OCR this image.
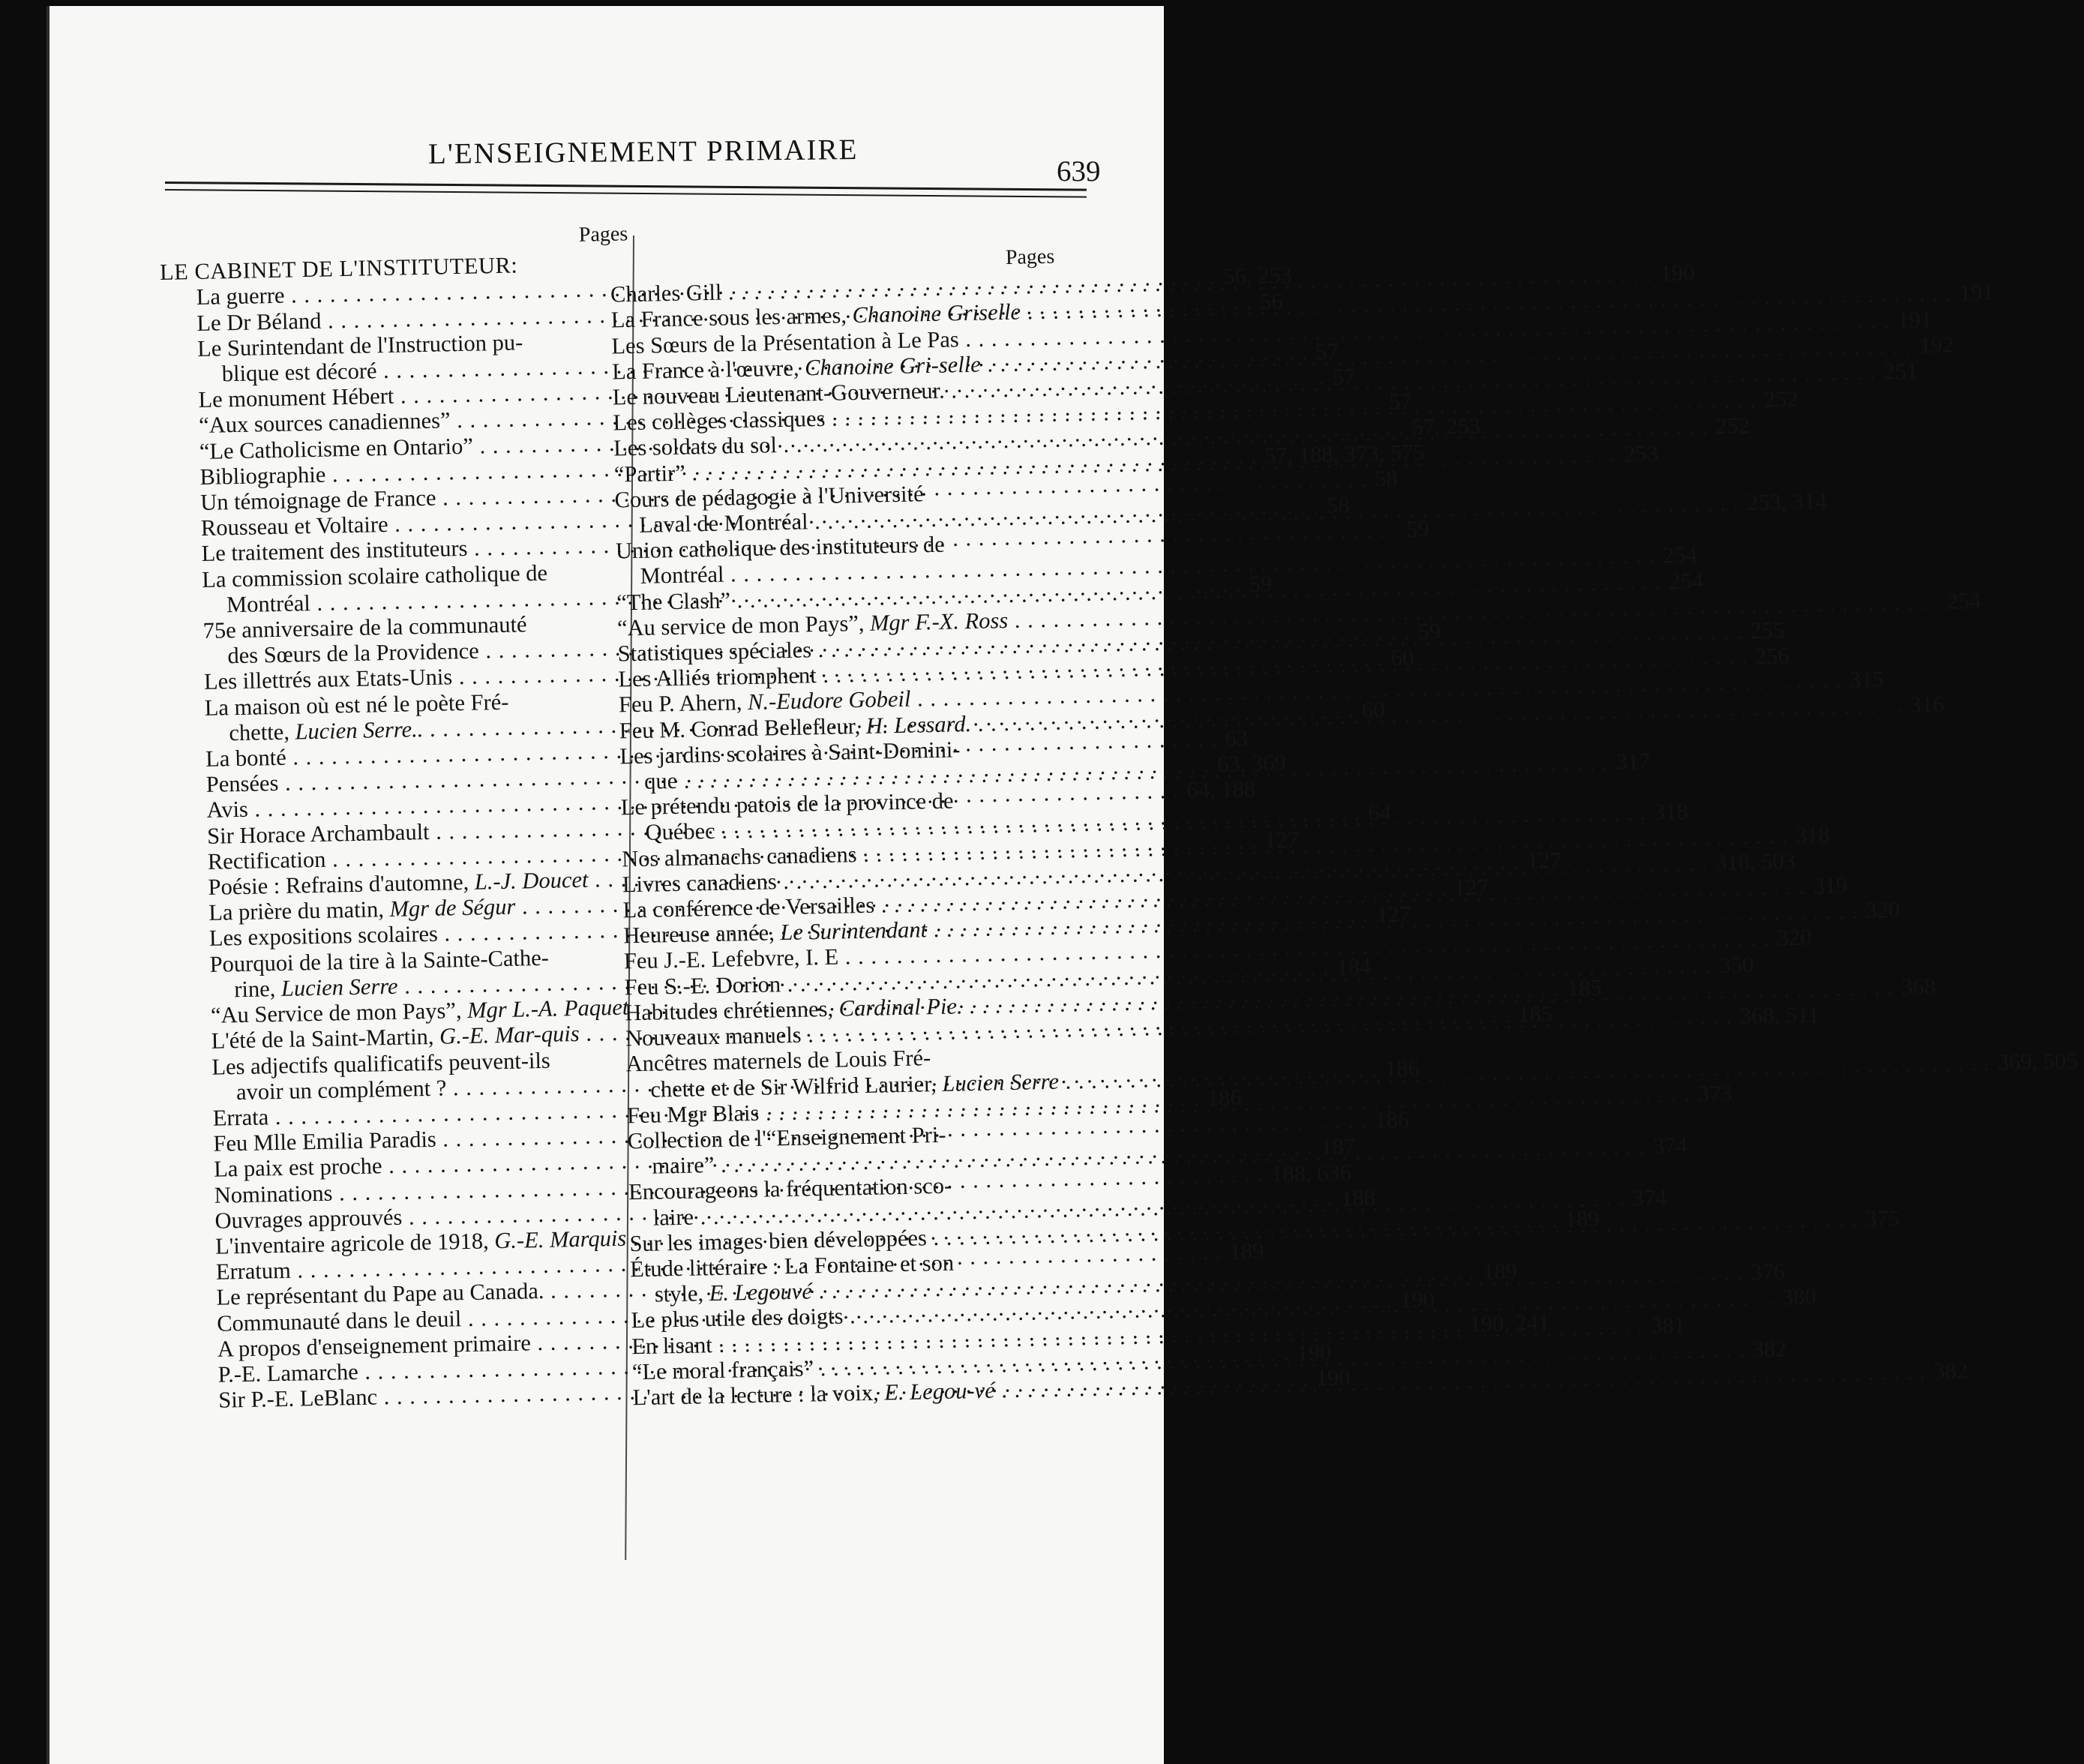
L'ENSEIGNEMENT PRIMAIRE
639
Pages
LE CABINET DE L'INSTITUTEUR:
La guerre . . .
56, 253
Le Dr Béland . . .
56
Le Surintendant de l'Instruction pu-
blique est décoré . . .
57
Le monument Hébert . . .
57
“Aux sources canadiennes” . . .
57
“Le Catholicisme en Ontario” . . .
57, 253
Bibliographie . . .
57, 188, 373, 575
Un témoignage de France . . .
58
Rousseau et Voltaire . . .
58
Le traitement des instituteurs . . .
59
La commission scolaire catholique de
Montréal . . .
59
75e anniversaire de la communauté
des Sœurs de la Providence . . .
59
Les illettrés aux Etats-Unis . . .
60
La maison où est né le poète Fré-
chette, Lucien Serre.. . . .
60
La bonté . . .
63
Pensées . . .
63, 369
Avis . . .
64, 188
Sir Horace Archambault . . .
64
Rectification . . .
127
Poésie : Refrains d'automne, L.-J. Doucet . . .
127
La prière du matin, Mgr de Ségur . . .
127
Les expositions scolaires . . .
127
Pourquoi de la tire à la Sainte-Cathe-
rine, Lucien Serre . . .
184
“Au Service de mon Pays”, Mgr L.-A. Paquet . . .
185
L'été de la Saint-Martin, G.-E. Mar-quis . . .
185
Les adjectifs qualificatifs peuvent-ils
avoir un complément ? . . .
186
Errata . . .
186
Feu Mlle Emilia Paradis . . .
186
La paix est proche . . .
187
Nominations . . .
188, 636
Ouvrages approuvés . . .
188
L'inventaire agricole de 1918, G.-E. Marquis . . .
189
Erratum . . .
189
Le représentant du Pape au Canada. . . .
189
Communauté dans le deuil . . .
190
A propos d'enseignement primaire . . .
190, 241
P.-E. Lamarche . . .
190
Sir P.-E. LeBlanc . . .
190
Pages
Charles Gill . . .
190
La France sous les armes, Chanoine Griselle . . .
191
Les Sœurs de la Présentation à Le Pas . . .
191
La France à l'œuvre, Chanoine Gri-selle . . .
192
Le nouveau Lieutenant-Gouverneur. . . .
251
Les collèges classiques . . .
252
Les soldats du sol . . .
252
“Partir” . . .
253
Cours de pédagogie à l'Université
Laval de Montréal . . .
253, 314
Union catholique des instituteurs de
Montréal . . .
254
“The Clash” . . .
254
“Au service de mon Pays”, Mgr F.-X. Ross . . .
254
Statistiques spéciales . . .
255
Les Alliés triomphent . . .
256
Feu P. Ahern, N.-Eudore Gobeil . . .
315
Feu M. Conrad Bellefleur, H. Lessard. . . .
316
Les jardins scolaires à Saint-Domini-
que . . .
317
Le prétendu patois de la province de
Québec . . .
318
Nos almanachs canadiens . . .
318
Livres canadiens . . .
318, 503
La conférence de Versailles . . .
319
Heureuse année, Le Surintendant . . .
320
Feu J.-E. Lefebvre, I. E . . .
320
Feu S.-E. Dorion . . .
350
Habitudes chrétiennes, Cardinal Pie. . . .
368
Nouveaux manuels . . .
368, 511
Ancêtres maternels de Louis Fré-
chette et de Sir Wilfrid Laurier, Lucien Serre . . .
369, 505
Feu Mgr Blais . . .
373
Collection de l'“Enseignement Pri-
maire” . . .
374
Encourageons la fréquentation sco-
laire . . .
374
Sur les images bien développées . . .
375
Étude littéraire : La Fontaine et son
style, E. Legouvé . . .
376
Le plus utile des doigts . . .
380
En lisant . . .
381
“Le moral français” . . .
382
L'art de la lecture : la voix, E. Legou-vé . . .
382
